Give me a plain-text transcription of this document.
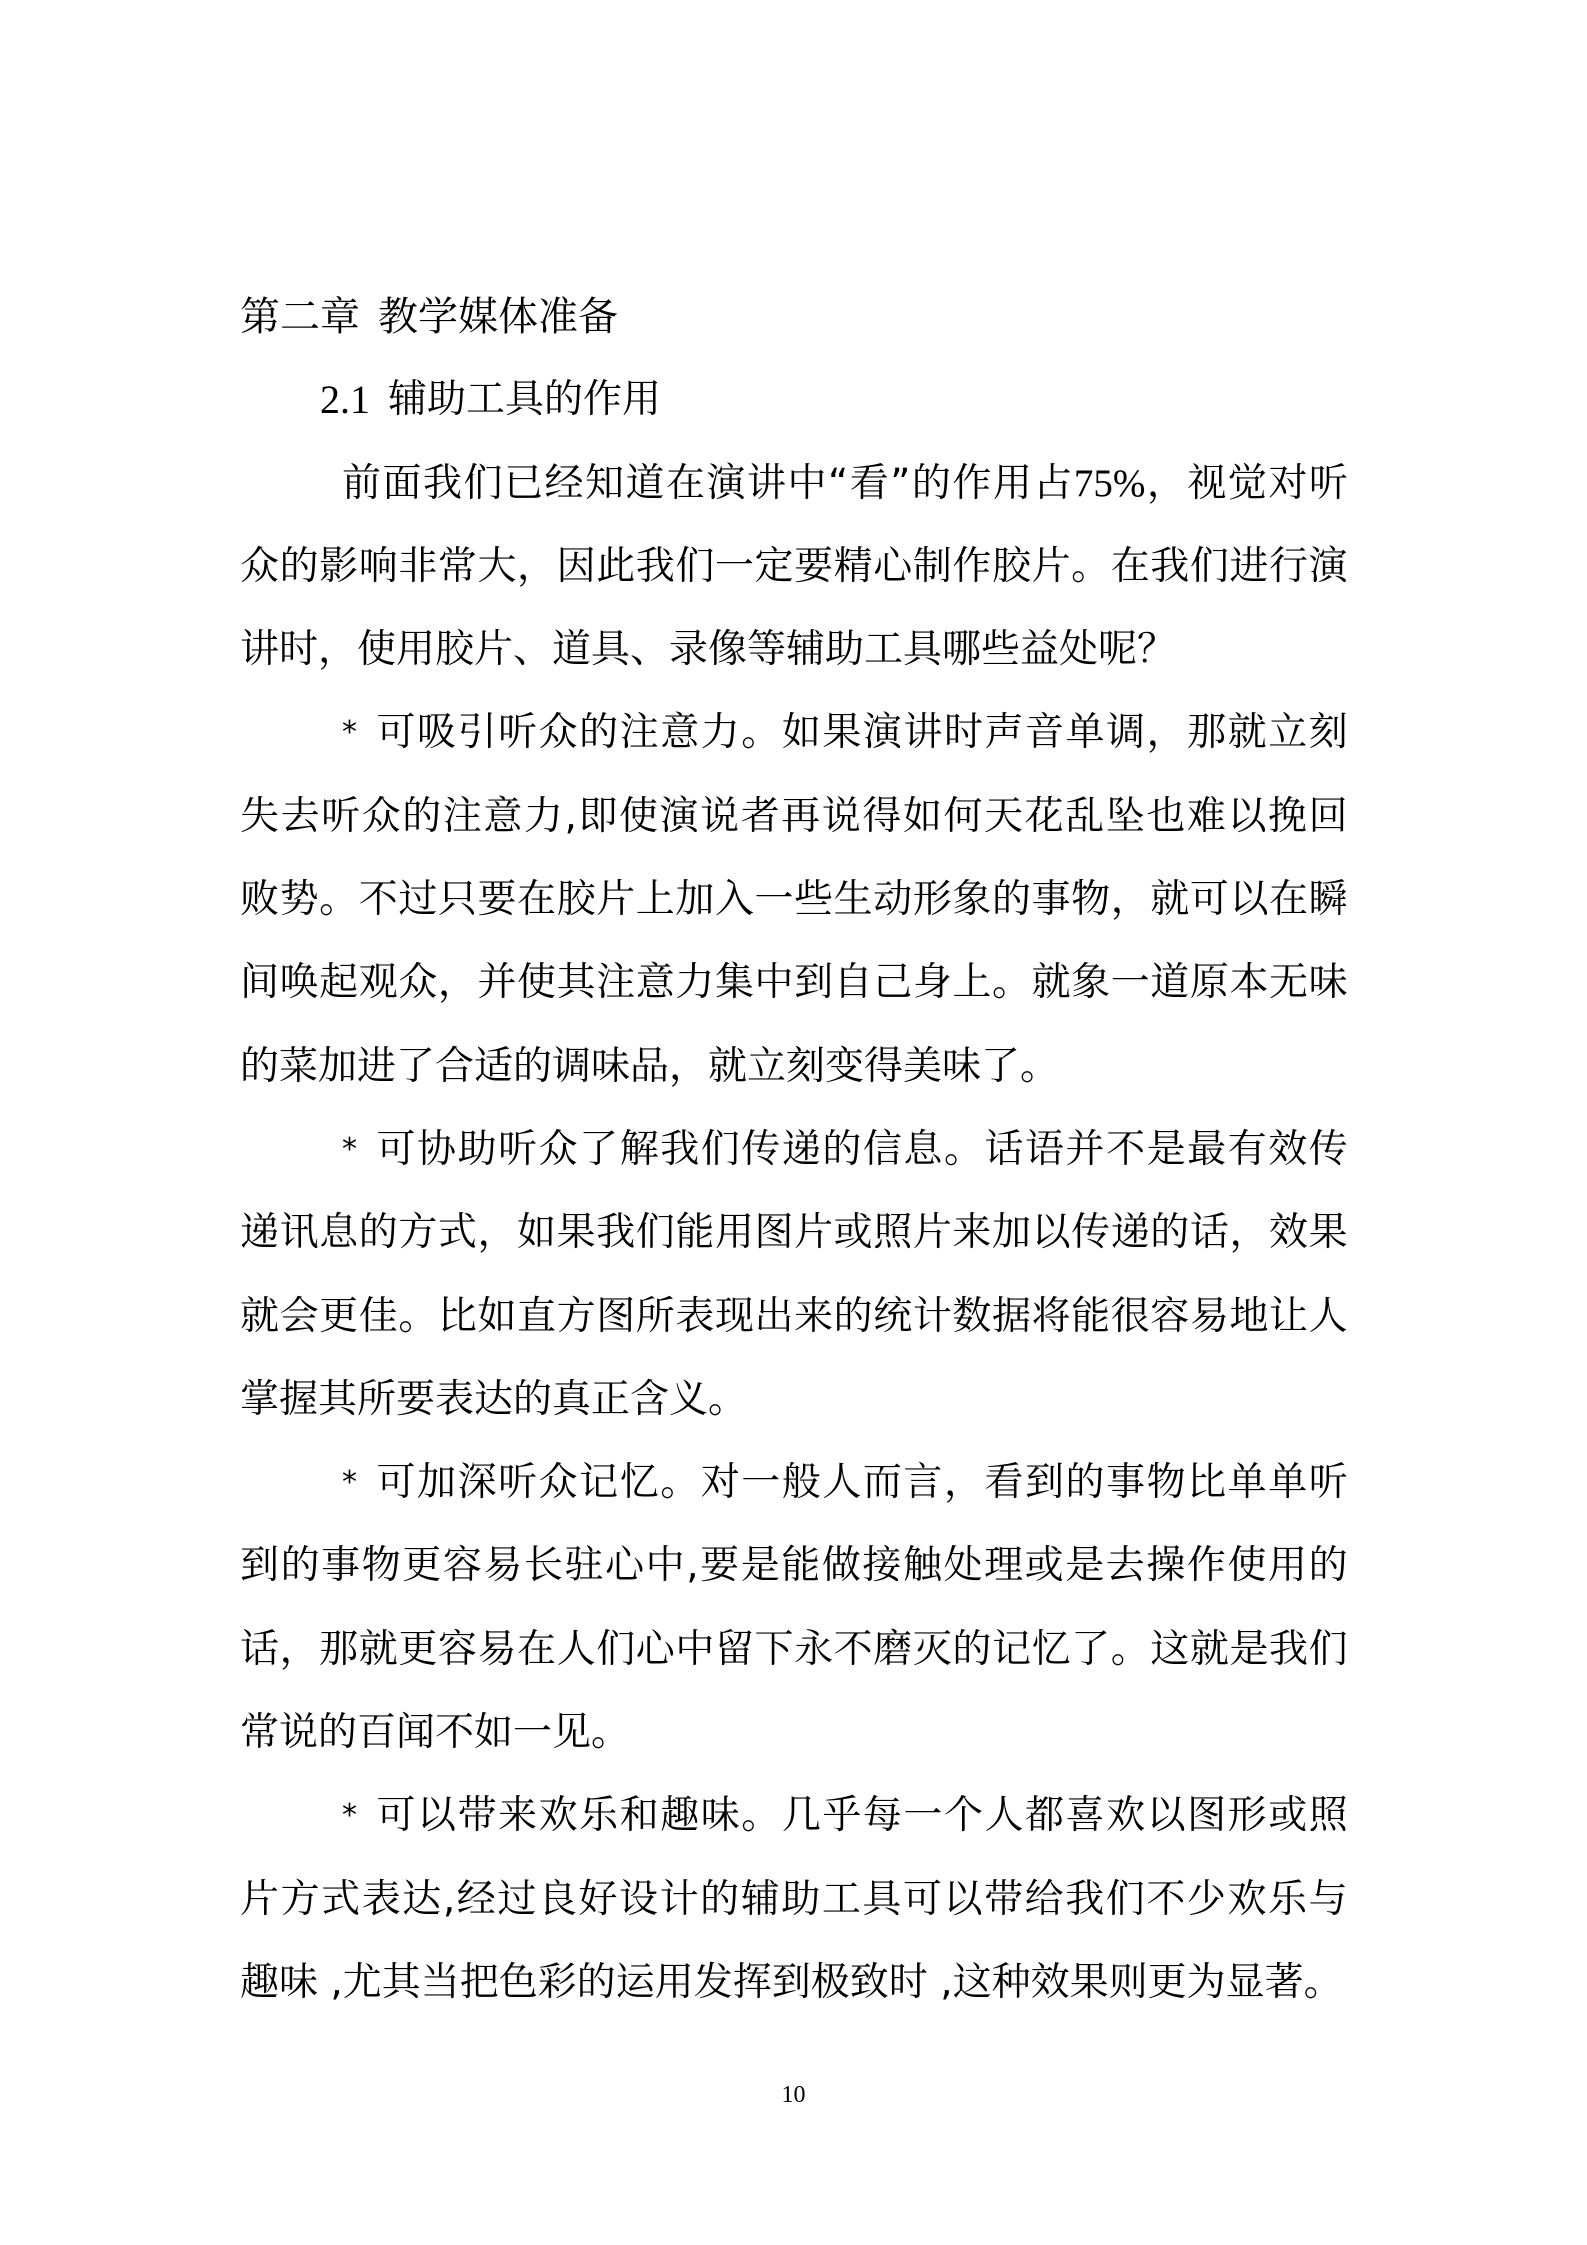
第二章 教学媒体准备
2.1 辅助工具的作用
前 面 我 们 已 经 知 道 在 演 讲 中 “ 看 ” 的 作 用 占 75% ， 视 觉 对 听
众 的 影 响 非 常 大 ， 因 此 我 们 一 定 要 精 心 制 作 胶 片 。 在 我 们 进 行 演
讲时，使用胶片、道具、录像等辅助工具哪些益处呢？
* 可 吸 引 听 众 的 注 意 力 。 如 果 演 讲 时 声 音 单 调 ， 那 就 立 刻
失 去 听 众 的 注 意 力 , 即 使 演 说 者 再 说 得 如 何 天 花 乱 坠 也 难 以 挽 回
败 势 。 不 过 只 要 在 胶 片 上 加 入 一 些 生 动 形 象 的 事 物 ， 就 可 以 在 瞬
间 唤 起 观 众 ， 并 使 其 注 意 力 集 中 到 自 己 身 上 。 就 象 一 道 原 本 无 味
的菜加进了合适的调味品，就立刻变得美味了。
* 可 协 助 听 众 了 解 我 们 传 递 的 信 息 。 话 语 并 不 是 最 有 效 传
递 讯 息 的 方 式 ， 如 果 我 们 能 用 图 片 或 照 片 来 加 以 传 递 的 话 ， 效 果
就 会 更 佳 。 比 如 直 方 图 所 表 现 出 来 的 统 计 数 据 将 能 很 容 易 地 让 人
掌握其所要表达的真正含义。
* 可 加 深 听 众 记 忆 。 对 一 般 人 而 言 ， 看 到 的 事 物 比 单 单 听
到 的 事 物 更 容 易 长 驻 心 中 , 要 是 能 做 接 触 处 理 或 是 去 操 作 使 用 的
话 ， 那 就 更 容 易 在 人 们 心 中 留 下 永 不 磨 灭 的 记 忆 了 。 这 就 是 我 们
常说的百闻不如一见。
* 可 以 带 来 欢 乐 和 趣 味 。 几 乎 每 一 个 人 都 喜 欢 以 图 形 或 照
片 方 式 表 达 , 经 过 良 好 设 计 的 辅 助 工 具 可 以 带 给 我 们 不 少 欢 乐 与
趣味 ,尤其当把色彩的运用发挥到极致时 ,这种效果则更为显著。
10
